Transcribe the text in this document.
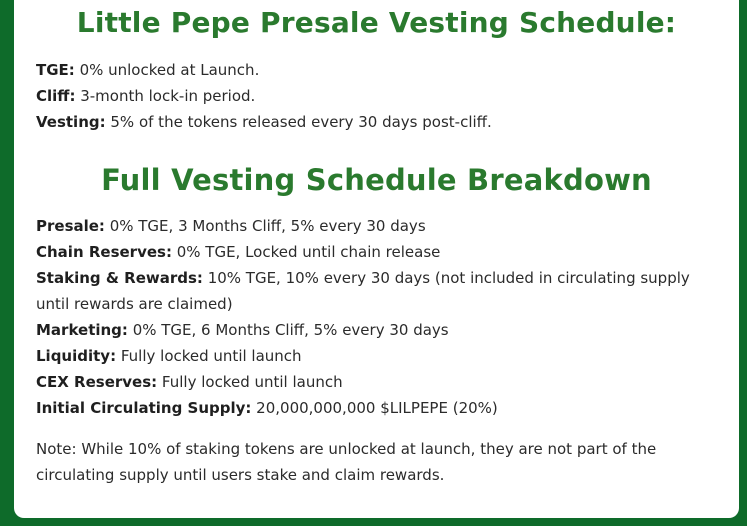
Little Pepe Presale Vesting Schedule:
TGE: 0% unlocked at Launch.
Cliff: 3-month lock-in period.
Vesting: 5% of the tokens released every 30 days post-cliff.
Full Vesting Schedule Breakdown
Presale: 0% TGE, 3 Months Cliff, 5% every 30 days
Chain Reserves: 0% TGE, Locked until chain release
Staking & Rewards: 10% TGE, 10% every 30 days (not included in circulating supply until rewards are claimed)
Marketing: 0% TGE, 6 Months Cliff, 5% every 30 days
Liquidity: Fully locked until launch
CEX Reserves: Fully locked until launch
Initial Circulating Supply: 20,000,000,000 $LILPEPE (20%)

Note: While 10% of staking tokens are unlocked at launch, they are not part of the circulating supply until users stake and claim rewards.
